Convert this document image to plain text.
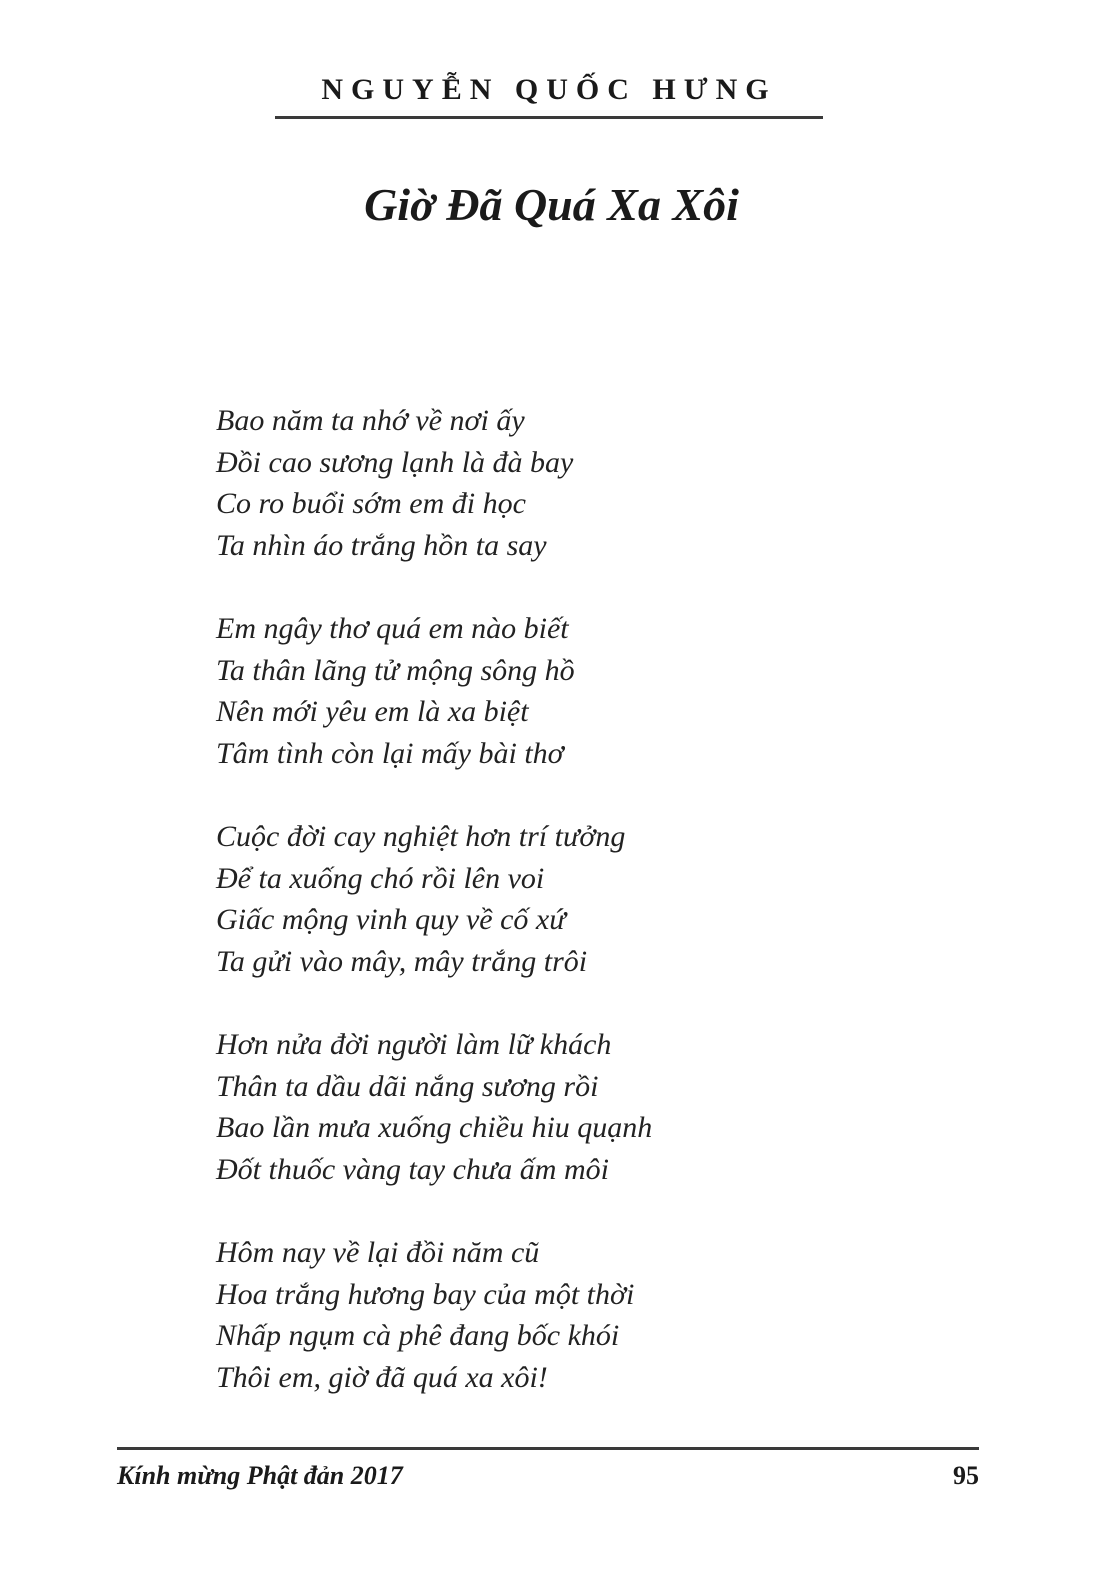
NGUYỄN QUỐC HƯNG
Giờ Đã Quá Xa Xôi
Bao năm ta nhớ về nơi ấy
Đồi cao sương lạnh là đà bay
Co ro buổi sớm em đi học
Ta nhìn áo trắng hồn ta say
Em ngây thơ quá em nào biết
Ta thân lãng tử mộng sông hồ
Nên mới yêu em là xa biệt
Tâm tình còn lại mấy bài thơ
Cuộc đời cay nghiệt hơn trí tưởng
Để ta xuống chó rồi lên voi
Giấc mộng vinh quy về cố xứ
Ta gửi vào mây, mây trắng trôi
Hơn nửa đời người làm lữ khách
Thân ta dầu dãi nắng sương rồi
Bao lần mưa xuống chiều hiu quạnh
Đốt thuốc vàng tay chưa ấm môi
Hôm nay về lại đồi năm cũ
Hoa trắng hương bay của một thời
Nhấp ngụm cà phê đang bốc khói
Thôi em, giờ đã quá xa xôi!
Kính mừng Phật đản 2017	95
